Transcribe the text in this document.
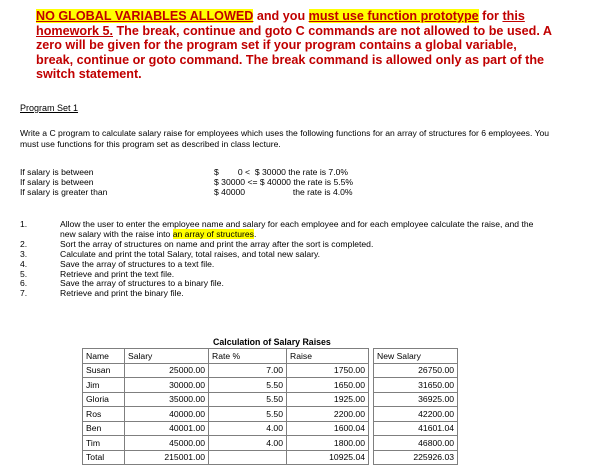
NO GLOBAL VARIABLES ALLOWED and you must use function prototype for this homework 5. The break, continue and goto C commands are not allowed to be used. A zero will be given for the program set if your program contains a global variable, break, continue or goto command. The break command is allowed only as part of the switch statement.
Program Set 1
Write a C program to calculate salary raise for employees which uses the following functions for an array of structures for 6 employees. You must use functions for this program set as described in class lecture.
If salary is between	$        0 <  $ 30000 the rate is 7.0%
If salary is between	$ 30000 <= $ 40000 the rate is 5.5%
If salary is greater than	$ 40000                    the rate is 4.0%
1.	Allow the user to enter the employee name and salary for each employee and for each employee calculate the raise, and the new salary with the raise into an array of structures.
2.	Sort the array of structures on name and print the array after the sort is completed.
3.	Calculate and print the total Salary, total raises, and total new salary.
4.	Save the array of structures to a text file.
5.	Retrieve and print the text file.
6.	Save the array of structures to a binary file.
7.	Retrieve and print the binary file.
Calculation of Salary Raises
Name	Salary	Rate %	Raise		New Salary
Susan	25000.00	7.00	1750.00		26750.00
Jim	30000.00	5.50	1650.00		31650.00
Gloria	35000.00	5.50	1925.00		36925.00
Ros	40000.00	5.50	2200.00		42200.00
Ben	40001.00	4.00	1600.04		41601.04
Tim	45000.00	4.00	1800.00		46800.00
Total	215001.00		10925.04		225926.03
